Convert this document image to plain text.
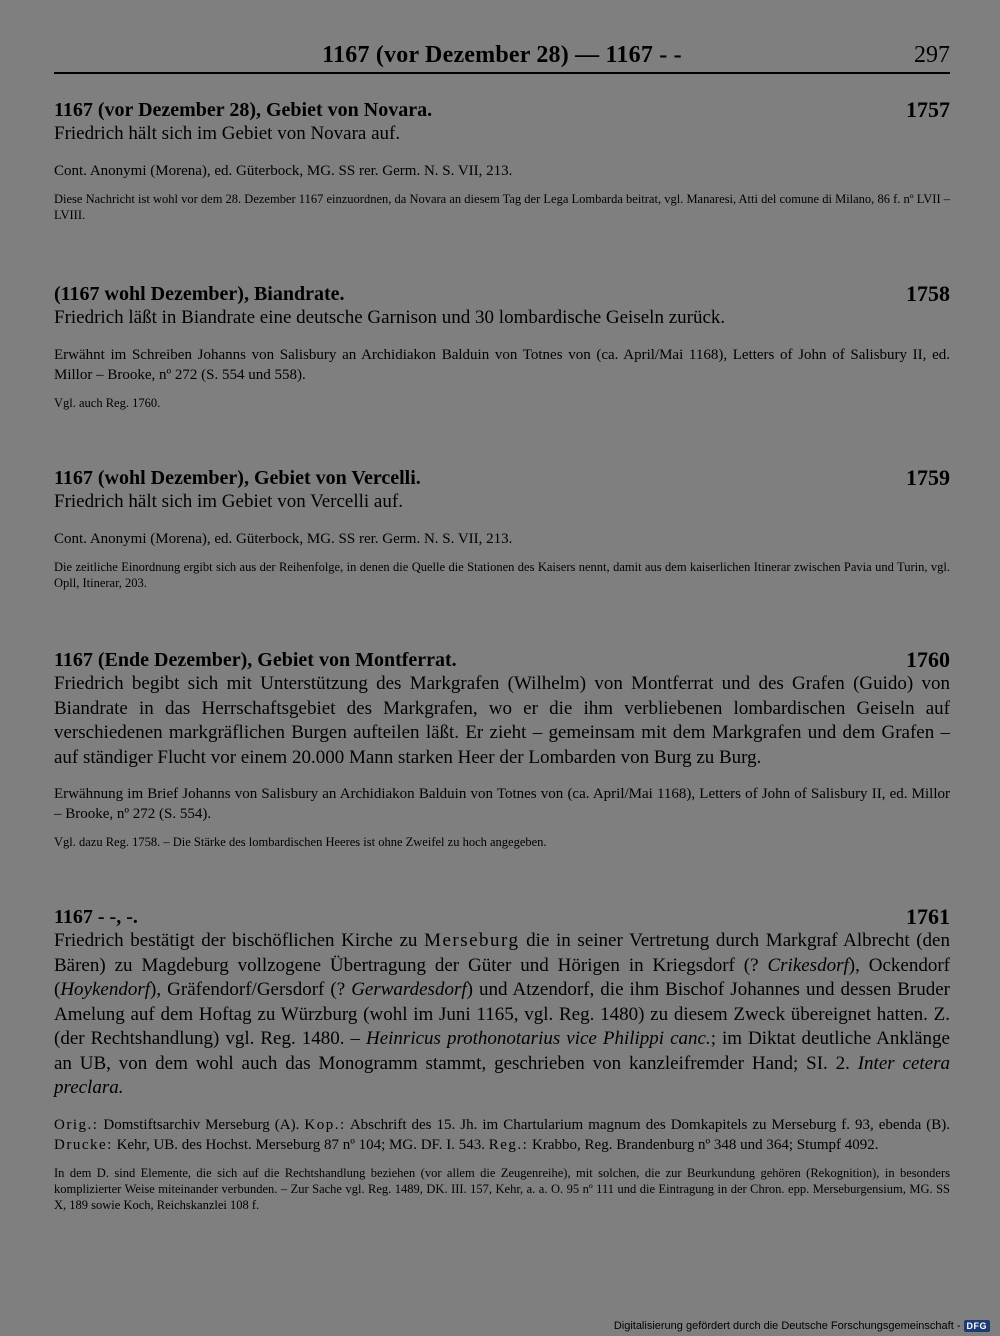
1167 (vor Dezember 28) — 1167 - -	297
1167 (vor Dezember 28), Gebiet von Novara.	1757
Friedrich hält sich im Gebiet von Novara auf.
Cont. Anonymi (Morena), ed. Güterbock, MG. SS rer. Germ. N. S. VII, 213.
Diese Nachricht ist wohl vor dem 28. Dezember 1167 einzuordnen, da Novara an diesem Tag der Lega Lombarda beitrat, vgl. Manaresi, Atti del comune di Milano, 86 f. nº LVII – LVIII.
(1167 wohl Dezember), Biandrate.	1758
Friedrich läßt in Biandrate eine deutsche Garnison und 30 lombardische Geiseln zurück.
Erwähnt im Schreiben Johanns von Salisbury an Archidiakon Balduin von Totnes von (ca. April/Mai 1168), Letters of John of Salisbury II, ed. Millor – Brooke, nº 272 (S. 554 und 558).
Vgl. auch Reg. 1760.
1167 (wohl Dezember), Gebiet von Vercelli.	1759
Friedrich hält sich im Gebiet von Vercelli auf.
Cont. Anonymi (Morena), ed. Güterbock, MG. SS rer. Germ. N. S. VII, 213.
Die zeitliche Einordnung ergibt sich aus der Reihenfolge, in denen die Quelle die Stationen des Kaisers nennt, damit aus dem kaiserlichen Itinerar zwischen Pavia und Turin, vgl. Opll, Itinerar, 203.
1167 (Ende Dezember), Gebiet von Montferrat.	1760
Friedrich begibt sich mit Unterstützung des Markgrafen (Wilhelm) von Montferrat und des Grafen (Guido) von Biandrate in das Herrschaftsgebiet des Markgrafen, wo er die ihm verbliebenen lombardischen Geiseln auf verschiedenen markgräflichen Burgen aufteilen läßt. Er zieht – gemeinsam mit dem Markgrafen und dem Grafen – auf ständiger Flucht vor einem 20.000 Mann starken Heer der Lombarden von Burg zu Burg.
Erwähnung im Brief Johanns von Salisbury an Archidiakon Balduin von Totnes von (ca. April/Mai 1168), Letters of John of Salisbury II, ed. Millor – Brooke, nº 272 (S. 554).
Vgl. dazu Reg. 1758. – Die Stärke des lombardischen Heeres ist ohne Zweifel zu hoch angegeben.
1167 - -, -.	1761
Friedrich bestätigt der bischöflichen Kirche zu Merseburg die in seiner Vertretung durch Markgraf Albrecht (den Bären) zu Magdeburg vollzogene Übertragung der Güter und Hörigen in Kriegsdorf (? Crikesdorf), Ockendorf (Hoykendorf), Gräfendorf/Gersdorf (? Gerwardesdorf) und Atzendorf, die ihm Bischof Johannes und dessen Bruder Amelung auf dem Hoftag zu Würzburg (wohl im Juni 1165, vgl. Reg. 1480) zu diesem Zweck übereignet hatten. Z. (der Rechtshandlung) vgl. Reg. 1480. – Heinricus prothonotarius vice Philippi canc.; im Diktat deutliche Anklänge an UB, von dem wohl auch das Monogramm stammt, geschrieben von kanzleifremder Hand; SI. 2. Inter cetera preclara.
Orig.: Domstiftsarchiv Merseburg (A). Kop.: Abschrift des 15. Jh. im Chartularium magnum des Domkapitels zu Merseburg f. 93, ebenda (B). Drucke: Kehr, UB. des Hochst. Merseburg 87 nº 104; MG. DF. I. 543. Reg.: Krabbo, Reg. Brandenburg nº 348 und 364; Stumpf 4092.
In dem D. sind Elemente, die sich auf die Rechtshandlung beziehen (vor allem die Zeugenreihe), mit solchen, die zur Beurkundung gehören (Rekognition), in besonders komplizierter Weise miteinander verbunden. – Zur Sache vgl. Reg. 1489, DK. III. 157, Kehr, a. a. O. 95 nº 111 und die Eintragung in der Chron. epp. Merseburgensium, MG. SS X, 189 sowie Koch, Reichskanzlei 108 f.
Digitalisierung gefördert durch die Deutsche Forschungsgemeinschaft - DFG
